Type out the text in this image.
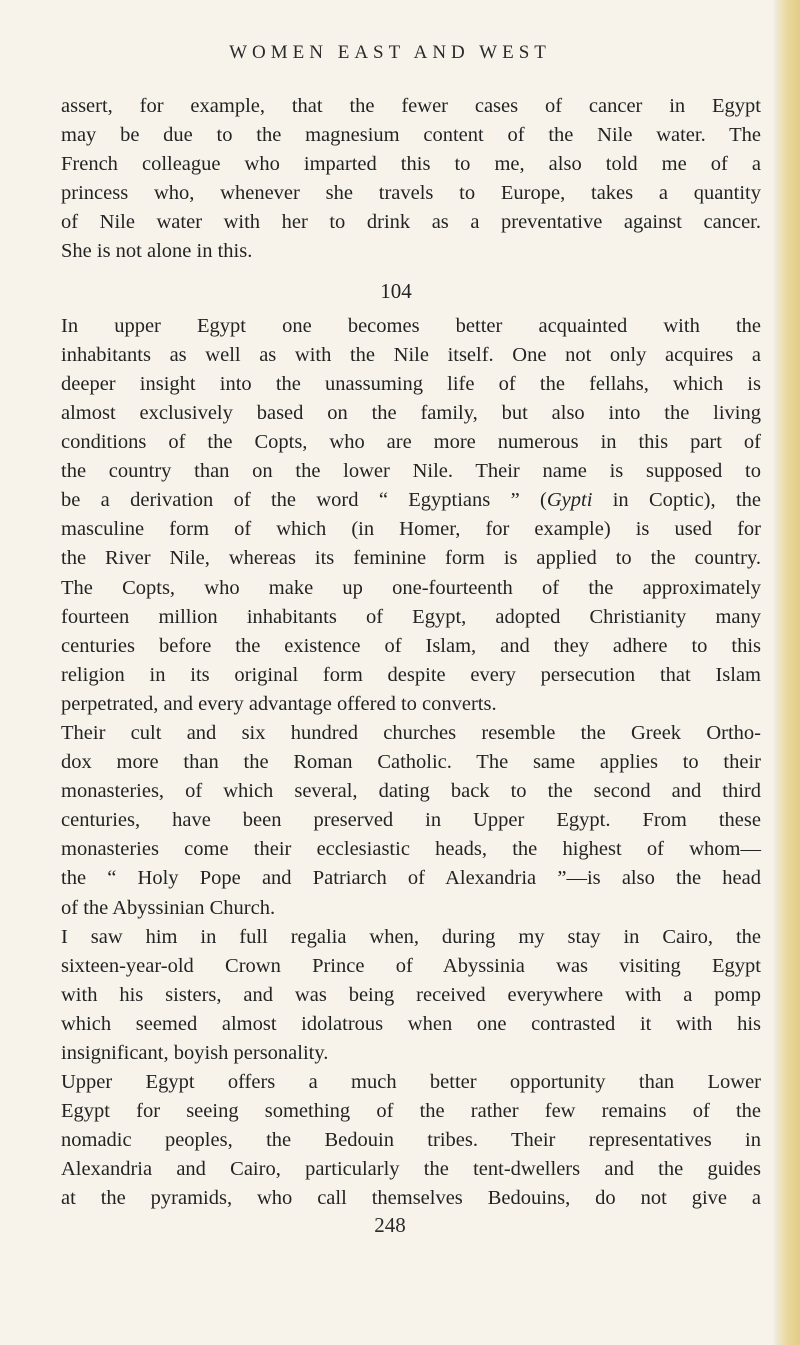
WOMEN EAST AND WEST
assert, for example, that the fewer cases of cancer in Egypt
may be due to the magnesium content of the Nile water. The
French colleague who imparted this to me, also told me of a
princess who, whenever she travels to Europe, takes a quantity
of Nile water with her to drink as a preventative against cancer.
She is not alone in this.
104
In upper Egypt one becomes better acquainted with the
inhabitants as well as with the Nile itself. One not only acquires a
deeper insight into the unassuming life of the fellahs, which is
almost exclusively based on the family, but also into the living
conditions of the Copts, who are more numerous in this part of
the country than on the lower Nile. Their name is supposed to
be a derivation of the word “ Egyptians ” (Gypti in Coptic), the
masculine form of which (in Homer, for example) is used for
the River Nile, whereas its feminine form is applied to the country.
The Copts, who make up one-fourteenth of the approximately
fourteen million inhabitants of Egypt, adopted Christianity many
centuries before the existence of Islam, and they adhere to this
religion in its original form despite every persecution that Islam
perpetrated, and every advantage offered to converts.
Their cult and six hundred churches resemble the Greek Ortho-
dox more than the Roman Catholic. The same applies to their
monasteries, of which several, dating back to the second and third
centuries, have been preserved in Upper Egypt. From these
monasteries come their ecclesiastic heads, the highest of whom—
the “ Holy Pope and Patriarch of Alexandria ”—is also the head
of the Abyssinian Church.
I saw him in full regalia when, during my stay in Cairo, the
sixteen-year-old Crown Prince of Abyssinia was visiting Egypt
with his sisters, and was being received everywhere with a pomp
which seemed almost idolatrous when one contrasted it with his
insignificant, boyish personality.
Upper Egypt offers a much better opportunity than Lower
Egypt for seeing something of the rather few remains of the
nomadic peoples, the Bedouin tribes. Their representatives in
Alexandria and Cairo, particularly the tent-dwellers and the guides
at the pyramids, who call themselves Bedouins, do not give a
248
